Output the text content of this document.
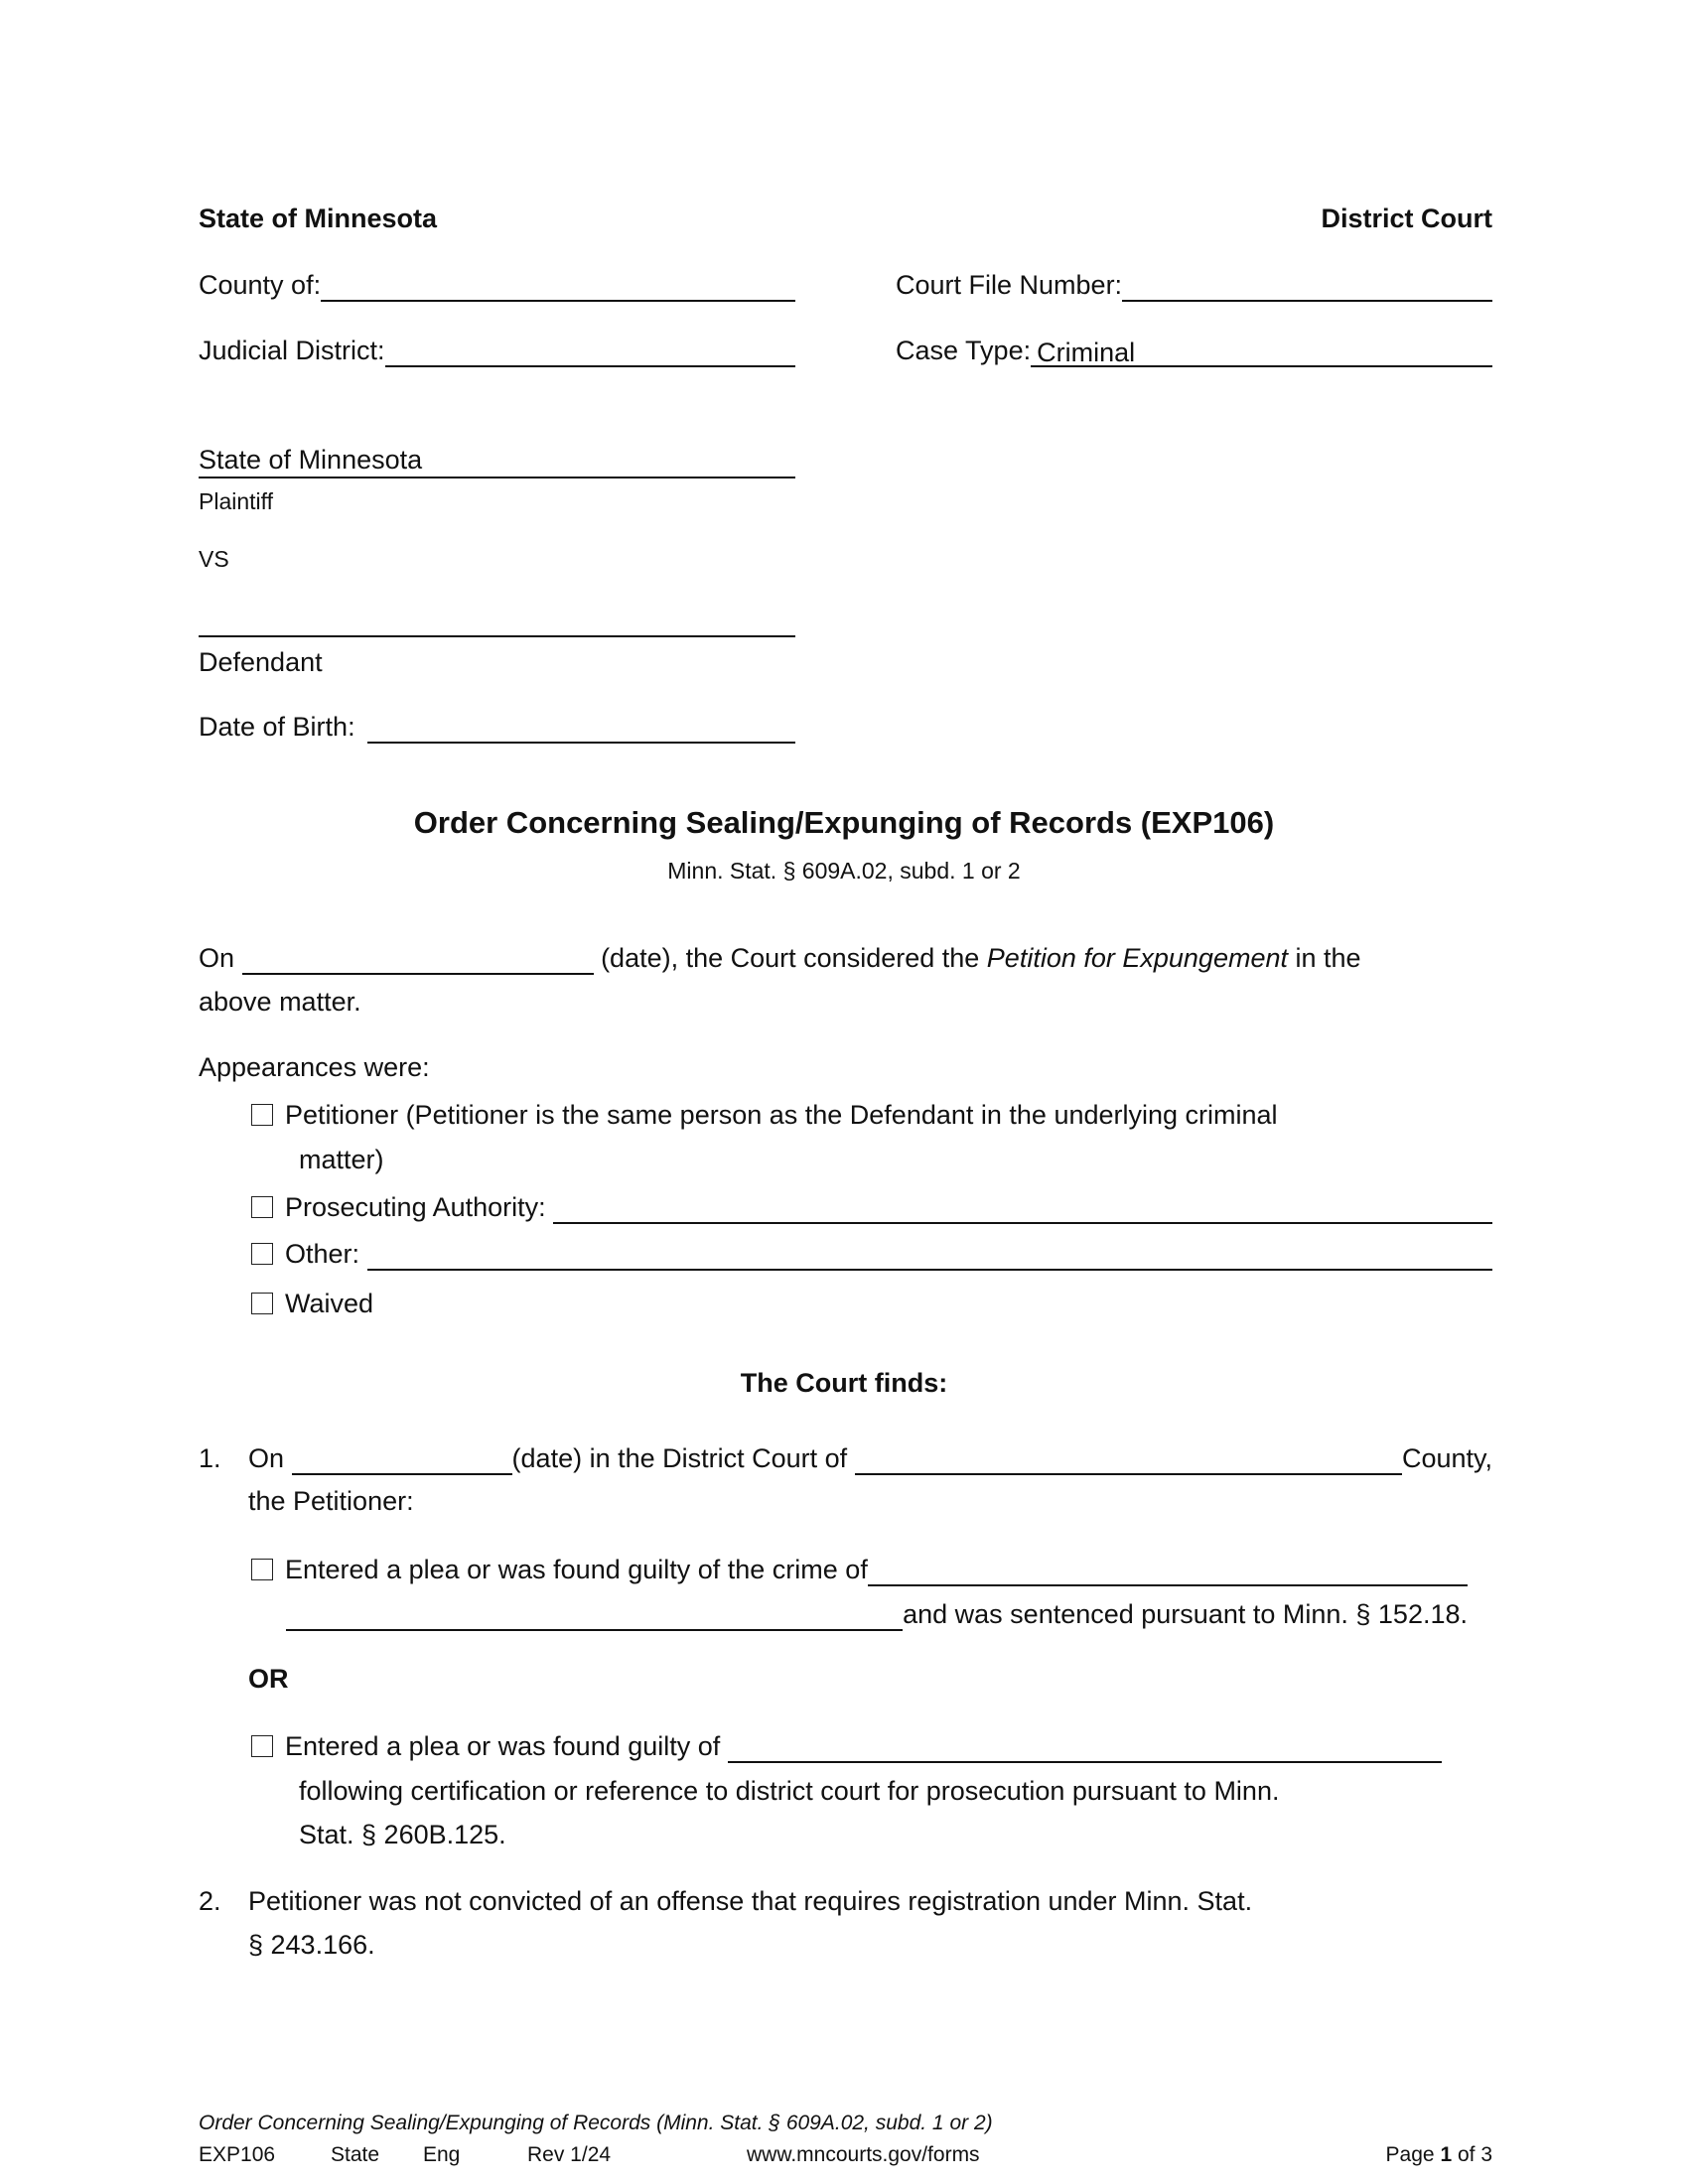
State of Minnesota	District Court
County of:	Court File Number:
Judicial District:	Case Type: Criminal
State of Minnesota
Plaintiff
VS
Defendant
Date of Birth:
Order Concerning Sealing/Expunging of Records (EXP106)
Minn. Stat. § 609A.02, subd. 1 or 2
On

	(date), the Court considered the
Petition for Expungement
in the
above matter.
Appearances were:
Petitioner (Petitioner is the same person as the Defendant in the underlying criminal
matter)
Prosecuting Authority:

Other:

Waived
The Court finds:
1. On
	(date) in the District Court of
	County,
the Petitioner:
Entered a plea or was found guilty of the crime of
and was sentenced pursuant to Minn. § 152.18.
OR
Entered a plea or was found guilty of

following certification or reference to district court for prosecution pursuant to Minn.
Stat. § 260B.125.
2. Petitioner was not convicted of an offense that requires registration under Minn. Stat.
§ 243.166.
Order Concerning Sealing/Expunging of Records (Minn. Stat. § 609A.02, subd. 1 or 2)
EXP106	State Eng	Rev 1/24	www.mncourts.gov/forms	Page
1
of 3
